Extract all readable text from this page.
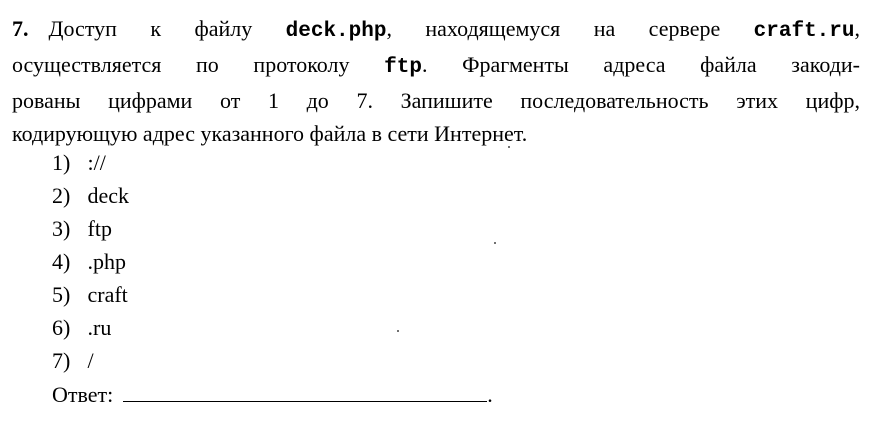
7. Доступ к файлу deck.php, находящемуся на сервере craft.ru,
осуществляется по протоколу ftp. Фрагменты адреса файла закоди-
рованы цифрами от 1 до 7. Запишите последовательность этих цифр,
кодирующую адрес указанного файла в сети Интернет.
1) ://
2) deck
3) ftp
4) .php
5) craft
6) .ru
7) /
Ответ:	.
